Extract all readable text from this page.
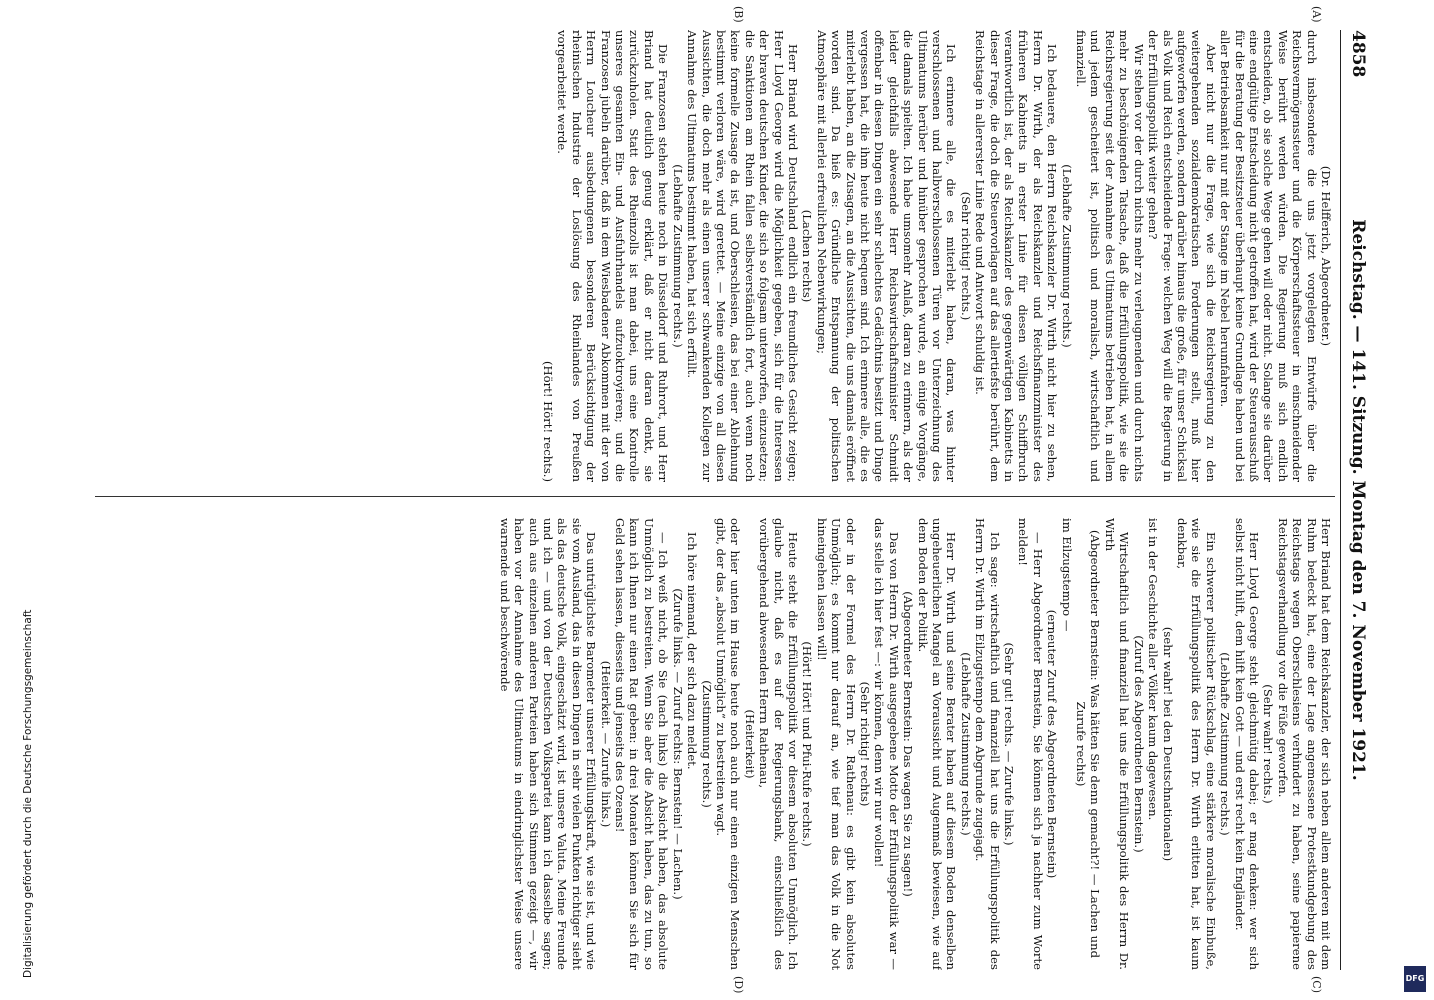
4858
Reichstag. — 141. Sitzung. Montag den 7. November 1921.
(A)
(B)
(C)
(D)

(Dr. Helfferich, Abgeordneter.)

durch insbesondere die uns jetzt vorgelegten Entwürfe über die Reichsvermögenssteuer und die Körperschaftssteuer in einschneidender Weise berührt werden würden. Die Regierung muß sich endlich entscheiden, ob sie solche Wege gehen will oder nicht. Solange sie darüber eine endgültige Entscheidung nicht getroffen hat, wird der Steuerausschuß für die Beratung der Besitzsteuer überhaupt keine Grundlage haben und bei aller Betriebsamkeit nur mit der Stange im Nebel herumfahren.

Aber nicht nur die Frage, wie sich die Reichsregierung zu den weitergehenden sozialdemokratischen Forderungen stellt, muß hier aufgeworfen werden, sondern darüber hinaus die große, für unser Schicksal als Volk und Reich entscheidende Frage: welchen Weg will die Regierung in der Erfüllungspolitik weiter gehen?

Wir stehen vor der durch nichts mehr zu verleugnenden und durch nichts mehr zu beschönigenden Tatsache, daß die Erfüllungspolitik, wie sie die Reichsregierung seit der Annahme des Ultimatums betrieben hat, in allem und jedem gescheitert ist, politisch und moralisch, wirtschaftlich und finanziell.

(Lebhafte Zustimmung rechts.)

Ich bedauere, den Herrn Reichskanzler Dr. Wirth nicht hier zu sehen, Herrn Dr. Wirth, der als Reichskanzler und Reichsfinanzminister des früheren Kabinetts in erster Linie für diesen völligen Schiffbruch verantwortlich ist, der als Reichskanzler des gegenwärtigen Kabinetts in dieser Frage, die doch die Steuervorlagen auf das allertiefste berührt, dem Reichstage in allererster Linie Rede und Antwort schuldig ist.

(Sehr richtig! rechts.)

Ich erinnere alle, die es miterlebt haben, daran, was hinter verschlossenen und halbverschlossenen Türen vor Unterzeichnung des Ultimatums herüber und hinüber gesprochen wurde, an einige Vorgänge, die damals spielten. Ich habe umsomehr Anlaß, daran zu erinnern, als der leider gleichfalls abwesende Herr Reichswirtschaftsminister Schmidt offenbar in diesen Dingen ein sehr schlechtes Gedächtnis besitzt und Dinge vergessen hat, die ihm heute nicht bequem sind. Ich erinnere alle, die es miterlebt haben, an die Zusagen, an die Aussichten, die uns damals eröffnet worden sind. Da hieß es: Gründliche Entspannung der politischen Atmosphäre mit allerlei erfreulichen Nebenwirkungen;

(Lachen rechts)

Herr Briand wird Deutschland endlich ein freundliches Gesicht zeigen; Herr Lloyd George wird die Möglichkeit gegeben, sich für die Interessen der braven deutschen Kinder, die sich so folgsam unterworfen, einzusetzen; die Sanktionen am Rhein fallen selbstverständlich fort, auch wenn noch keine formelle Zusage da ist, und Oberschlesien, das bei einer Ablehnung bestimmt verloren wäre, wird gerettet. — Meine einzige von all diesen Aussichten, die doch mehr als einen unserer schwankenden Kollegen zur Annahme des Ultimatums bestimmt haben, hat sich erfüllt.

(Lebhafte Zustimmung rechts.)

Die Franzosen stehen heute noch in Düsseldorf und Ruhrort, und Herr Briand hat deutlich genug erklärt, daß er nicht daran denkt, sie zurückzuholen. Statt des Rheinzolls ist man dabei, uns eine Kontrolle unseres gesamten Ein- und Ausfuhrhandels aufzuoktroyieren; und die Franzosen jubeln darüber, daß in dem Wiesbadener Abkommen mit der von Herrn Loucheur ausbedungenen besonderen Berücksichtigung der rheinischen Industrie der Loslösung des Rheinlandes von Preußen vorgearbeitet werde.

(Hört! Hört! rechts.)

Herr Briand hat dem Reichskanzler, der sich neben allem anderen mit dem Ruhm bedeckt hat, eine der Lage angemessene Protestkundgebung des Reichstags wegen Oberschlesiens verhindert zu haben, seine papierene Reichstagsverhandlung vor die Füße geworfen.

(Sehr wahr! rechts.)

Herr Lloyd George steht gleichmütig dabei; er mag denken: wer sich selbst nicht hilft, dem hilft kein Gott — und erst recht kein Engländer.

(Lebhafte Zustimmung rechts.)

Ein schwerer politischer Rückschlag, eine stärkere moralische Einbuße, wie sie die Erfüllungspolitik des Herrn Dr. Wirth erlitten hat, ist kaum denkbar,

(sehr wahr! bei den Deutschnationalen)

ist in der Geschichte aller Völker kaum dagewesen.

(Zuruf des Abgeordneten Bernstein.)

Wirtschaftlich und finanziell hat uns die Erfüllungspolitik des Herrn Dr. Wirth

(Abgeordneter Bernstein: Was hätten Sie denn gemacht?! — Lachen und Zurufe rechts)

im Eilzugstempo —

(erneuter Zuruf des Abgeordneten Bernstein)

— Herr Abgeordneter Bernstein, Sie können sich ja nachher zum Worte melden!

(Sehr gut! rechts. — Zurufe links.)

Ich sage: wirtschaftlich und finanziell hat uns die Erfüllungspolitik des Herrn Dr. Wirth im Eilzugstempo dem Abgrunde zugejagt.

(Lebhafte Zustimmung rechts.)

Herr Dr. Wirth und seine Berater haben auf diesem Boden denselben ungeheuerlichen Mangel an Voraussicht und Augenmaß bewiesen, wie auf dem Boden der Politik.

(Abgeordneter Bernstein: Das wagen Sie zu sagen!)

Das von Herrn Dr. Wirth ausgegebene Motto der Erfüllungspolitik war — das stelle ich hier fest —: wir können, denn wir nur wollen!

(Sehr richtig! rechts)

oder in der Formel des Herrn Dr. Rathenau: es gibt kein absolutes Unmöglich; es kommt nur darauf an, wie tief man das Volk in die Not hineingehen lassen will!

(Hört! Hört! und Pfui-Rufe rechts.)

Heute steht die Erfüllungspolitik vor diesem absoluten Unmöglich. Ich glaube nicht, daß es auf der Regierungsbank, einschließlich des vorübergehend abwesenden Herrn Rathenau,

(Heiterkeit)

oder hier unten im Hause heute noch auch nur einen einzigen Menschen gibt, der das „absolut Unmöglich“ zu bestreiten wagt.

(Zustimmung rechts.)

Ich höre niemand, der sich dazu meldet.

(Zurufe links. — Zuruf rechts: Bernstein! — Lachen.)

— Ich weiß nicht, ob Sie (nach links) die Absicht haben, das absolute Unmöglich zu bestreiten. Wenn Sie aber die Absicht haben, das zu tun, so kann ich Ihnen nur einen Rat geben: in drei Monaten können Sie sich für Geld sehen lassen, diesseits und jenseits des Ozeans!

(Heiterkeit. — Zurufe links.)

Das untrüglichste Barometer unserer Erfüllungskraft, wie sie ist, und wie sie vom Ausland, das in diesen Dingen in sehr vielen Punkten richtiger sieht als das deutsche Volk, eingeschätzt wird, ist unsere Valuta. Meine Freunde und ich — und von der Deutschen Volkspartei kann ich dasselbe sagen; auch aus einzelnen anderen Parteien haben sich Stimmen gezeigt —, wir haben vor der Annahme des Ultimatums in eindringlichster Weise unsere warnende und beschwörende

Digitalisierung gefördert durch die Deutsche Forschungsgemeinschaft
DFG
